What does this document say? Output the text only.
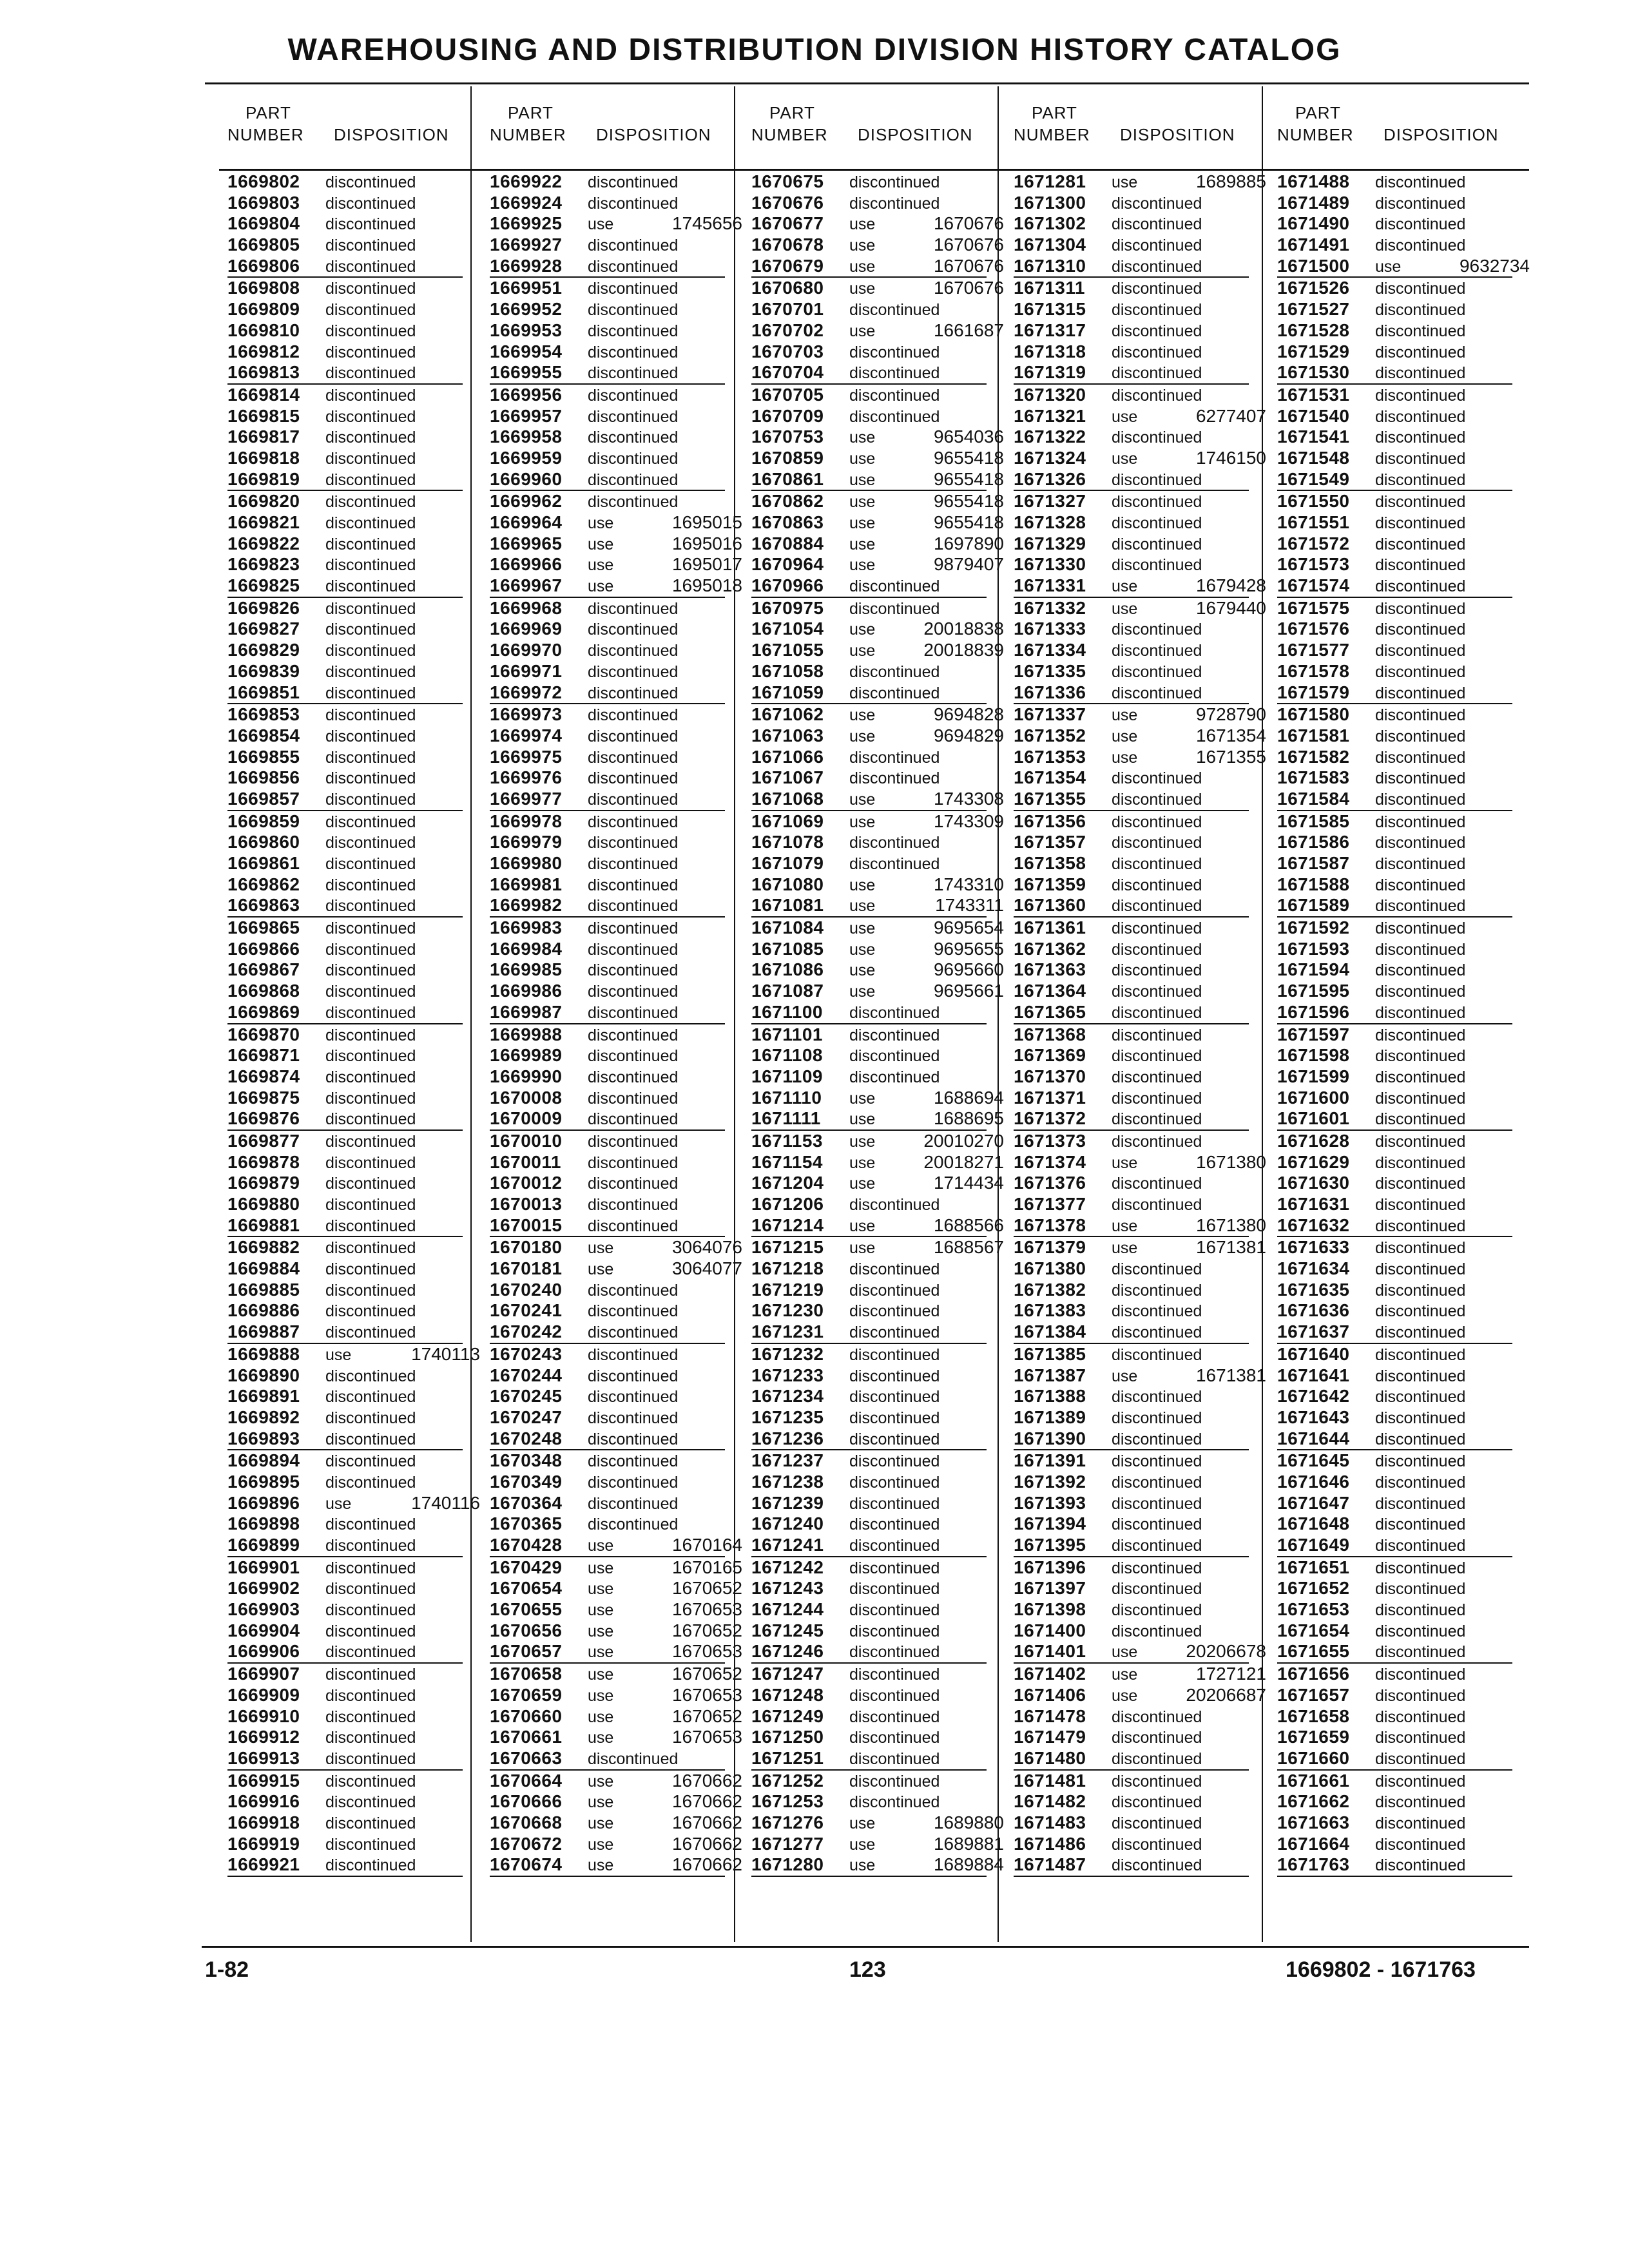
WAREHOUSING AND DISTRIBUTION DIVISION HISTORY CATALOG
PART
NUMBER DISPOSITION
1669802 discontinued
1669803 discontinued
1669804 discontinued
1669805 discontinued
1669806 discontinued
1669808 discontinued
1669809 discontinued
1669810 discontinued
1669812 discontinued
1669813 discontinued
1669814 discontinued
1669815 discontinued
1669817 discontinued
1669818 discontinued
1669819 discontinued
1669820 discontinued
1669821 discontinued
1669822 discontinued
1669823 discontinued
1669825 discontinued
1669826 discontinued
1669827 discontinued
1669829 discontinued
1669839 discontinued
1669851 discontinued
1669853 discontinued
1669854 discontinued
1669855 discontinued
1669856 discontinued
1669857 discontinued
1669859 discontinued
1669860 discontinued
1669861 discontinued
1669862 discontinued
1669863 discontinued
1669865 discontinued
1669866 discontinued
1669867 discontinued
1669868 discontinued
1669869 discontinued
1669870 discontinued
1669871 discontinued
1669874 discontinued
1669875 discontinued
1669876 discontinued
1669877 discontinued
1669878 discontinued
1669879 discontinued
1669880 discontinued
1669881 discontinued
1669882 discontinued
1669884 discontinued
1669885 discontinued
1669886 discontinued
1669887 discontinued
1669888 use	1740113
1669890 discontinued
1669891 discontinued
1669892 discontinued
1669893 discontinued
1669894 discontinued
1669895 discontinued
1669896 use	1740116
1669898 discontinued
1669899 discontinued
1669901 discontinued
1669902 discontinued
1669903 discontinued
1669904 discontinued
1669906 discontinued
1669907 discontinued
1669909 discontinued
1669910 discontinued
1669912 discontinued
1669913 discontinued
1669915 discontinued
1669916 discontinued
1669918 discontinued
1669919 discontinued
1669921 discontinued
PART
NUMBER DISPOSITION
1669922 discontinued
1669924 discontinued
1669925 use	1745656
1669927 discontinued
1669928 discontinued
1669951 discontinued
1669952 discontinued
1669953 discontinued
1669954 discontinued
1669955 discontinued
1669956 discontinued
1669957 discontinued
1669958 discontinued
1669959 discontinued
1669960 discontinued
1669962 discontinued
1669964 use	1695015
1669965 use	1695016
1669966 use	1695017
1669967 use	1695018
1669968 discontinued
1669969 discontinued
1669970 discontinued
1669971 discontinued
1669972 discontinued
1669973 discontinued
1669974 discontinued
1669975 discontinued
1669976 discontinued
1669977 discontinued
1669978 discontinued
1669979 discontinued
1669980 discontinued
1669981 discontinued
1669982 discontinued
1669983 discontinued
1669984 discontinued
1669985 discontinued
1669986 discontinued
1669987 discontinued
1669988 discontinued
1669989 discontinued
1669990 discontinued
1670008 discontinued
1670009 discontinued
1670010 discontinued
1670011 discontinued
1670012 discontinued
1670013 discontinued
1670015 discontinued
1670180 use	3064076
1670181 use	3064077
1670240 discontinued
1670241 discontinued
1670242 discontinued
1670243 discontinued
1670244 discontinued
1670245 discontinued
1670247 discontinued
1670248 discontinued
1670348 discontinued
1670349 discontinued
1670364 discontinued
1670365 discontinued
1670428 use	1670164
1670429 use	1670165
1670654 use	1670652
1670655 use	1670653
1670656 use	1670652
1670657 use	1670653
1670658 use	1670652
1670659 use	1670653
1670660 use	1670652
1670661 use	1670653
1670663 discontinued
1670664 use	1670662
1670666 use	1670662
1670668 use	1670662
1670672 use	1670662
1670674 use	1670662
PART
NUMBER DISPOSITION
1670675 discontinued
1670676 discontinued
1670677 use	1670676
1670678 use	1670676
1670679 use	1670676
1670680 use	1670676
1670701 discontinued
1670702 use	1661687
1670703 discontinued
1670704 discontinued
1670705 discontinued
1670709 discontinued
1670753 use	9654036
1670859 use	9655418
1670861 use	9655418
1670862 use	9655418
1670863 use	9655418
1670884 use	1697890
1670964 use	9879407
1670966 discontinued
1670975 discontinued
1671054 use	20018838
1671055 use	20018839
1671058 discontinued
1671059 discontinued
1671062 use	9694828
1671063 use	9694829
1671066 discontinued
1671067 discontinued
1671068 use	1743308
1671069 use	1743309
1671078 discontinued
1671079 discontinued
1671080 use	1743310
1671081 use	1743311
1671084 use	9695654
1671085 use	9695655
1671086 use	9695660
1671087 use	9695661
1671100 discontinued
1671101 discontinued
1671108 discontinued
1671109 discontinued
1671110 use	1688694
1671111 use	1688695
1671153 use	20010270
1671154 use	20018271
1671204 use	1714434
1671206 discontinued
1671214 use	1688566
1671215 use	1688567
1671218 discontinued
1671219 discontinued
1671230 discontinued
1671231 discontinued
1671232 discontinued
1671233 discontinued
1671234 discontinued
1671235 discontinued
1671236 discontinued
1671237 discontinued
1671238 discontinued
1671239 discontinued
1671240 discontinued
1671241 discontinued
1671242 discontinued
1671243 discontinued
1671244 discontinued
1671245 discontinued
1671246 discontinued
1671247 discontinued
1671248 discontinued
1671249 discontinued
1671250 discontinued
1671251 discontinued
1671252 discontinued
1671253 discontinued
1671276 use	1689880
1671277 use	1689881
1671280 use	1689884
PART
NUMBER DISPOSITION
1671281 use	1689885
1671300 discontinued
1671302 discontinued
1671304 discontinued
1671310 discontinued
1671311 discontinued
1671315 discontinued
1671317 discontinued
1671318 discontinued
1671319 discontinued
1671320 discontinued
1671321 use	6277407
1671322 discontinued
1671324 use	1746150
1671326 discontinued
1671327 discontinued
1671328 discontinued
1671329 discontinued
1671330 discontinued
1671331 use	1679428
1671332 use	1679440
1671333 discontinued
1671334 discontinued
1671335 discontinued
1671336 discontinued
1671337 use	9728790
1671352 use	1671354
1671353 use	1671355
1671354 discontinued
1671355 discontinued
1671356 discontinued
1671357 discontinued
1671358 discontinued
1671359 discontinued
1671360 discontinued
1671361 discontinued
1671362 discontinued
1671363 discontinued
1671364 discontinued
1671365 discontinued
1671368 discontinued
1671369 discontinued
1671370 discontinued
1671371 discontinued
1671372 discontinued
1671373 discontinued
1671374 use	1671380
1671376 discontinued
1671377 discontinued
1671378 use	1671380
1671379 use	1671381
1671380 discontinued
1671382 discontinued
1671383 discontinued
1671384 discontinued
1671385 discontinued
1671387 use	1671381
1671388 discontinued
1671389 discontinued
1671390 discontinued
1671391 discontinued
1671392 discontinued
1671393 discontinued
1671394 discontinued
1671395 discontinued
1671396 discontinued
1671397 discontinued
1671398 discontinued
1671400 discontinued
1671401 use	20206678
1671402 use	1727121
1671406 use	20206687
1671478 discontinued
1671479 discontinued
1671480 discontinued
1671481 discontinued
1671482 discontinued
1671483 discontinued
1671486 discontinued
1671487 discontinued
PART
NUMBER DISPOSITION
1671488 discontinued
1671489 discontinued
1671490 discontinued
1671491 discontinued
1671500 use	9632734
1671526 discontinued
1671527 discontinued
1671528 discontinued
1671529 discontinued
1671530 discontinued
1671531 discontinued
1671540 discontinued
1671541 discontinued
1671548 discontinued
1671549 discontinued
1671550 discontinued
1671551 discontinued
1671572 discontinued
1671573 discontinued
1671574 discontinued
1671575 discontinued
1671576 discontinued
1671577 discontinued
1671578 discontinued
1671579 discontinued
1671580 discontinued
1671581 discontinued
1671582 discontinued
1671583 discontinued
1671584 discontinued
1671585 discontinued
1671586 discontinued
1671587 discontinued
1671588 discontinued
1671589 discontinued
1671592 discontinued
1671593 discontinued
1671594 discontinued
1671595 discontinued
1671596 discontinued
1671597 discontinued
1671598 discontinued
1671599 discontinued
1671600 discontinued
1671601 discontinued
1671628 discontinued
1671629 discontinued
1671630 discontinued
1671631 discontinued
1671632 discontinued
1671633 discontinued
1671634 discontinued
1671635 discontinued
1671636 discontinued
1671637 discontinued
1671640 discontinued
1671641 discontinued
1671642 discontinued
1671643 discontinued
1671644 discontinued
1671645 discontinued
1671646 discontinued
1671647 discontinued
1671648 discontinued
1671649 discontinued
1671651 discontinued
1671652 discontinued
1671653 discontinued
1671654 discontinued
1671655 discontinued
1671656 discontinued
1671657 discontinued
1671658 discontinued
1671659 discontinued
1671660 discontinued
1671661 discontinued
1671662 discontinued
1671663 discontinued
1671664 discontinued
1671763 discontinued
1-82	123	1669802 - 1671763
